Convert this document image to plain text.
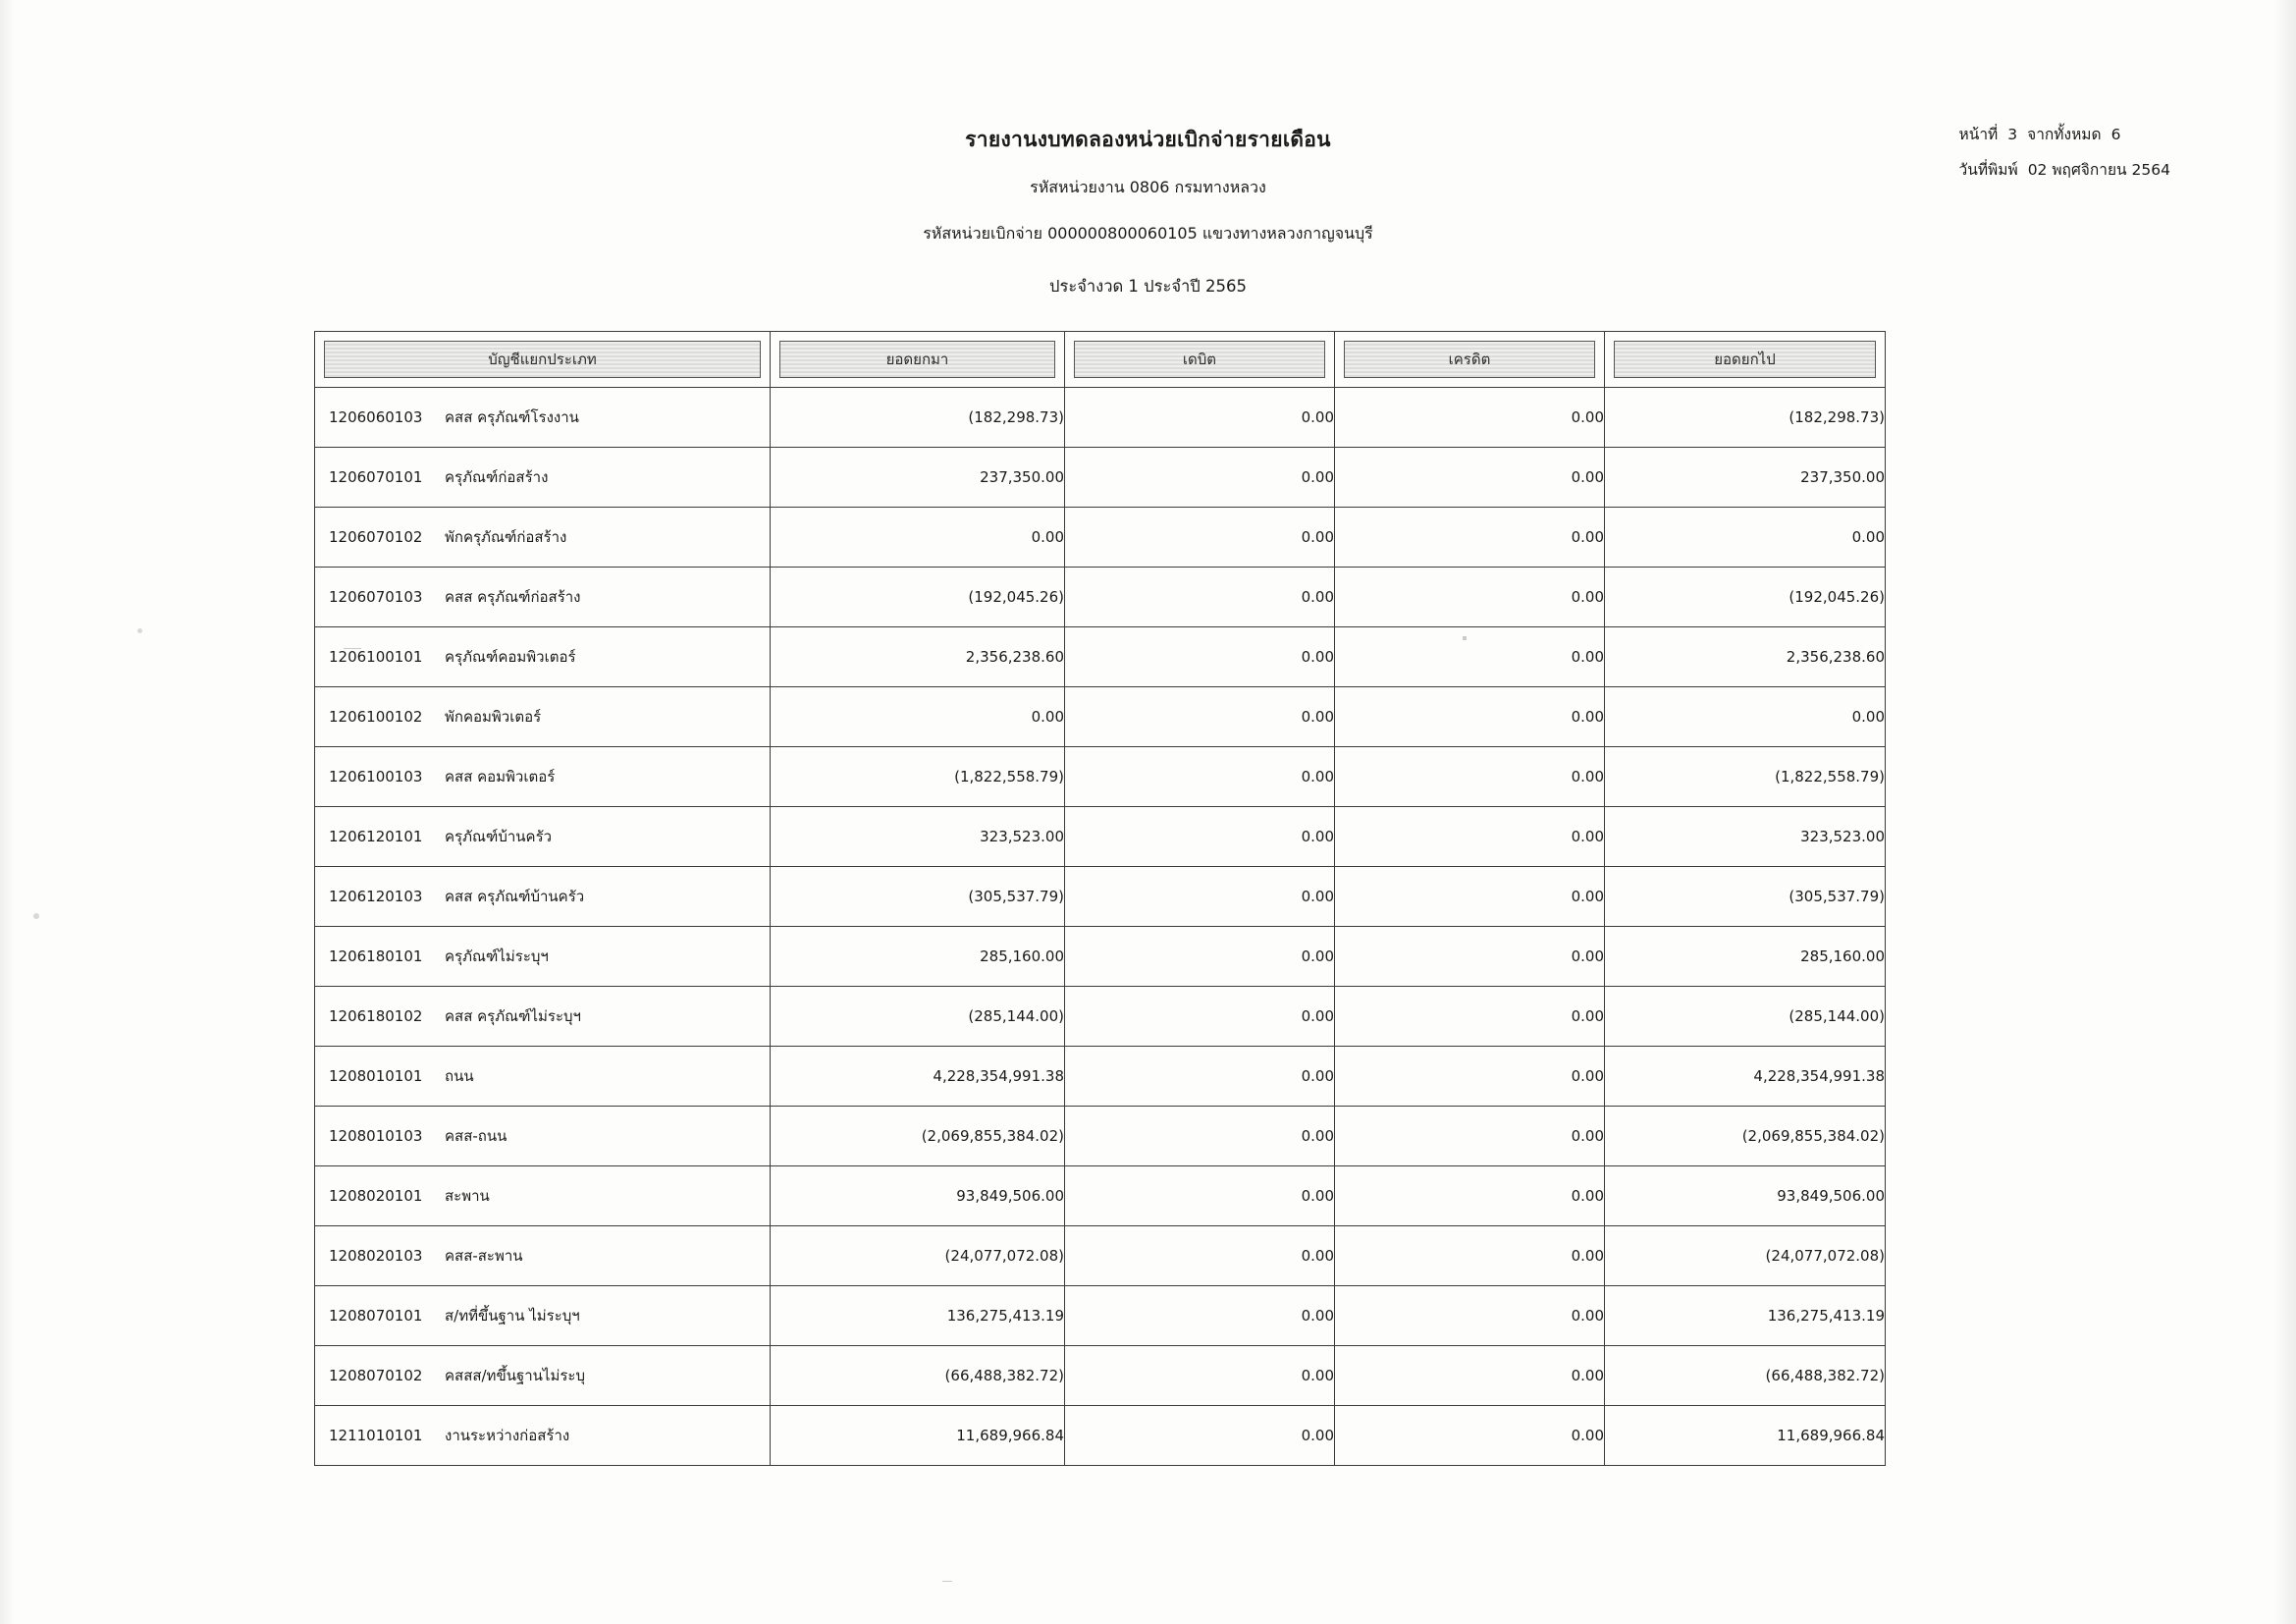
รายงานงบทดลองหน่วยเบิกจ่ายรายเดือน
รหัสหน่วยงาน 0806 กรมทางหลวง
รหัสหน่วยเบิกจ่าย 000000800060105 แขวงทางหลวงกาญจนบุรี
ประจำงวด 1 ประจำปี 2565
หน้าที่ 3 จากทั้งหมด 6
วันที่พิมพ์ 02 พฤศจิกายน 2564
บัญชีแยกประเภท	ยอดยกมา	เดบิต	เครดิต	ยอดยกไป

1206060103 คสส ครุภัณฑ์โรงงาน	(182,298.73)	0.00	0.00	(182,298.73)

1206070101 ครุภัณฑ์ก่อสร้าง	237,350.00	0.00	0.00	237,350.00

1206070102 พักครุภัณฑ์ก่อสร้าง	0.00	0.00	0.00	0.00

1206070103 คสส ครุภัณฑ์ก่อสร้าง	(192,045.26)	0.00	0.00	(192,045.26)

1206100101 ครุภัณฑ์คอมพิวเตอร์	2,356,238.60	0.00	0.00	2,356,238.60

1206100102 พักคอมพิวเตอร์	0.00	0.00	0.00	0.00

1206100103 คสส คอมพิวเตอร์	(1,822,558.79)	0.00	0.00	(1,822,558.79)

1206120101 ครุภัณฑ์บ้านครัว	323,523.00	0.00	0.00	323,523.00

1206120103 คสส ครุภัณฑ์บ้านครัว	(305,537.79)	0.00	0.00	(305,537.79)

1206180101 ครุภัณฑ์ไม่ระบุฯ	285,160.00	0.00	0.00	285,160.00

1206180102 คสส ครุภัณฑ์ไม่ระบุฯ	(285,144.00)	0.00	0.00	(285,144.00)

1208010101 ถนน	4,228,354,991.38	0.00	0.00	4,228,354,991.38

1208010103 คสส-ถนน	(2,069,855,384.02)	0.00	0.00	(2,069,855,384.02)

1208020101 สะพาน	93,849,506.00	0.00	0.00	93,849,506.00

1208020103 คสส-สะพาน	(24,077,072.08)	0.00	0.00	(24,077,072.08)

1208070101 ส/ทที่ขึ้นฐาน ไม่ระบุฯ	136,275,413.19	0.00	0.00	136,275,413.19

1208070102 คสสส/ทขึ้นฐานไม่ระบุ	(66,488,382.72)	0.00	0.00	(66,488,382.72)

1211010101 งานระหว่างก่อสร้าง	11,689,966.84	0.00	0.00	11,689,966.84
